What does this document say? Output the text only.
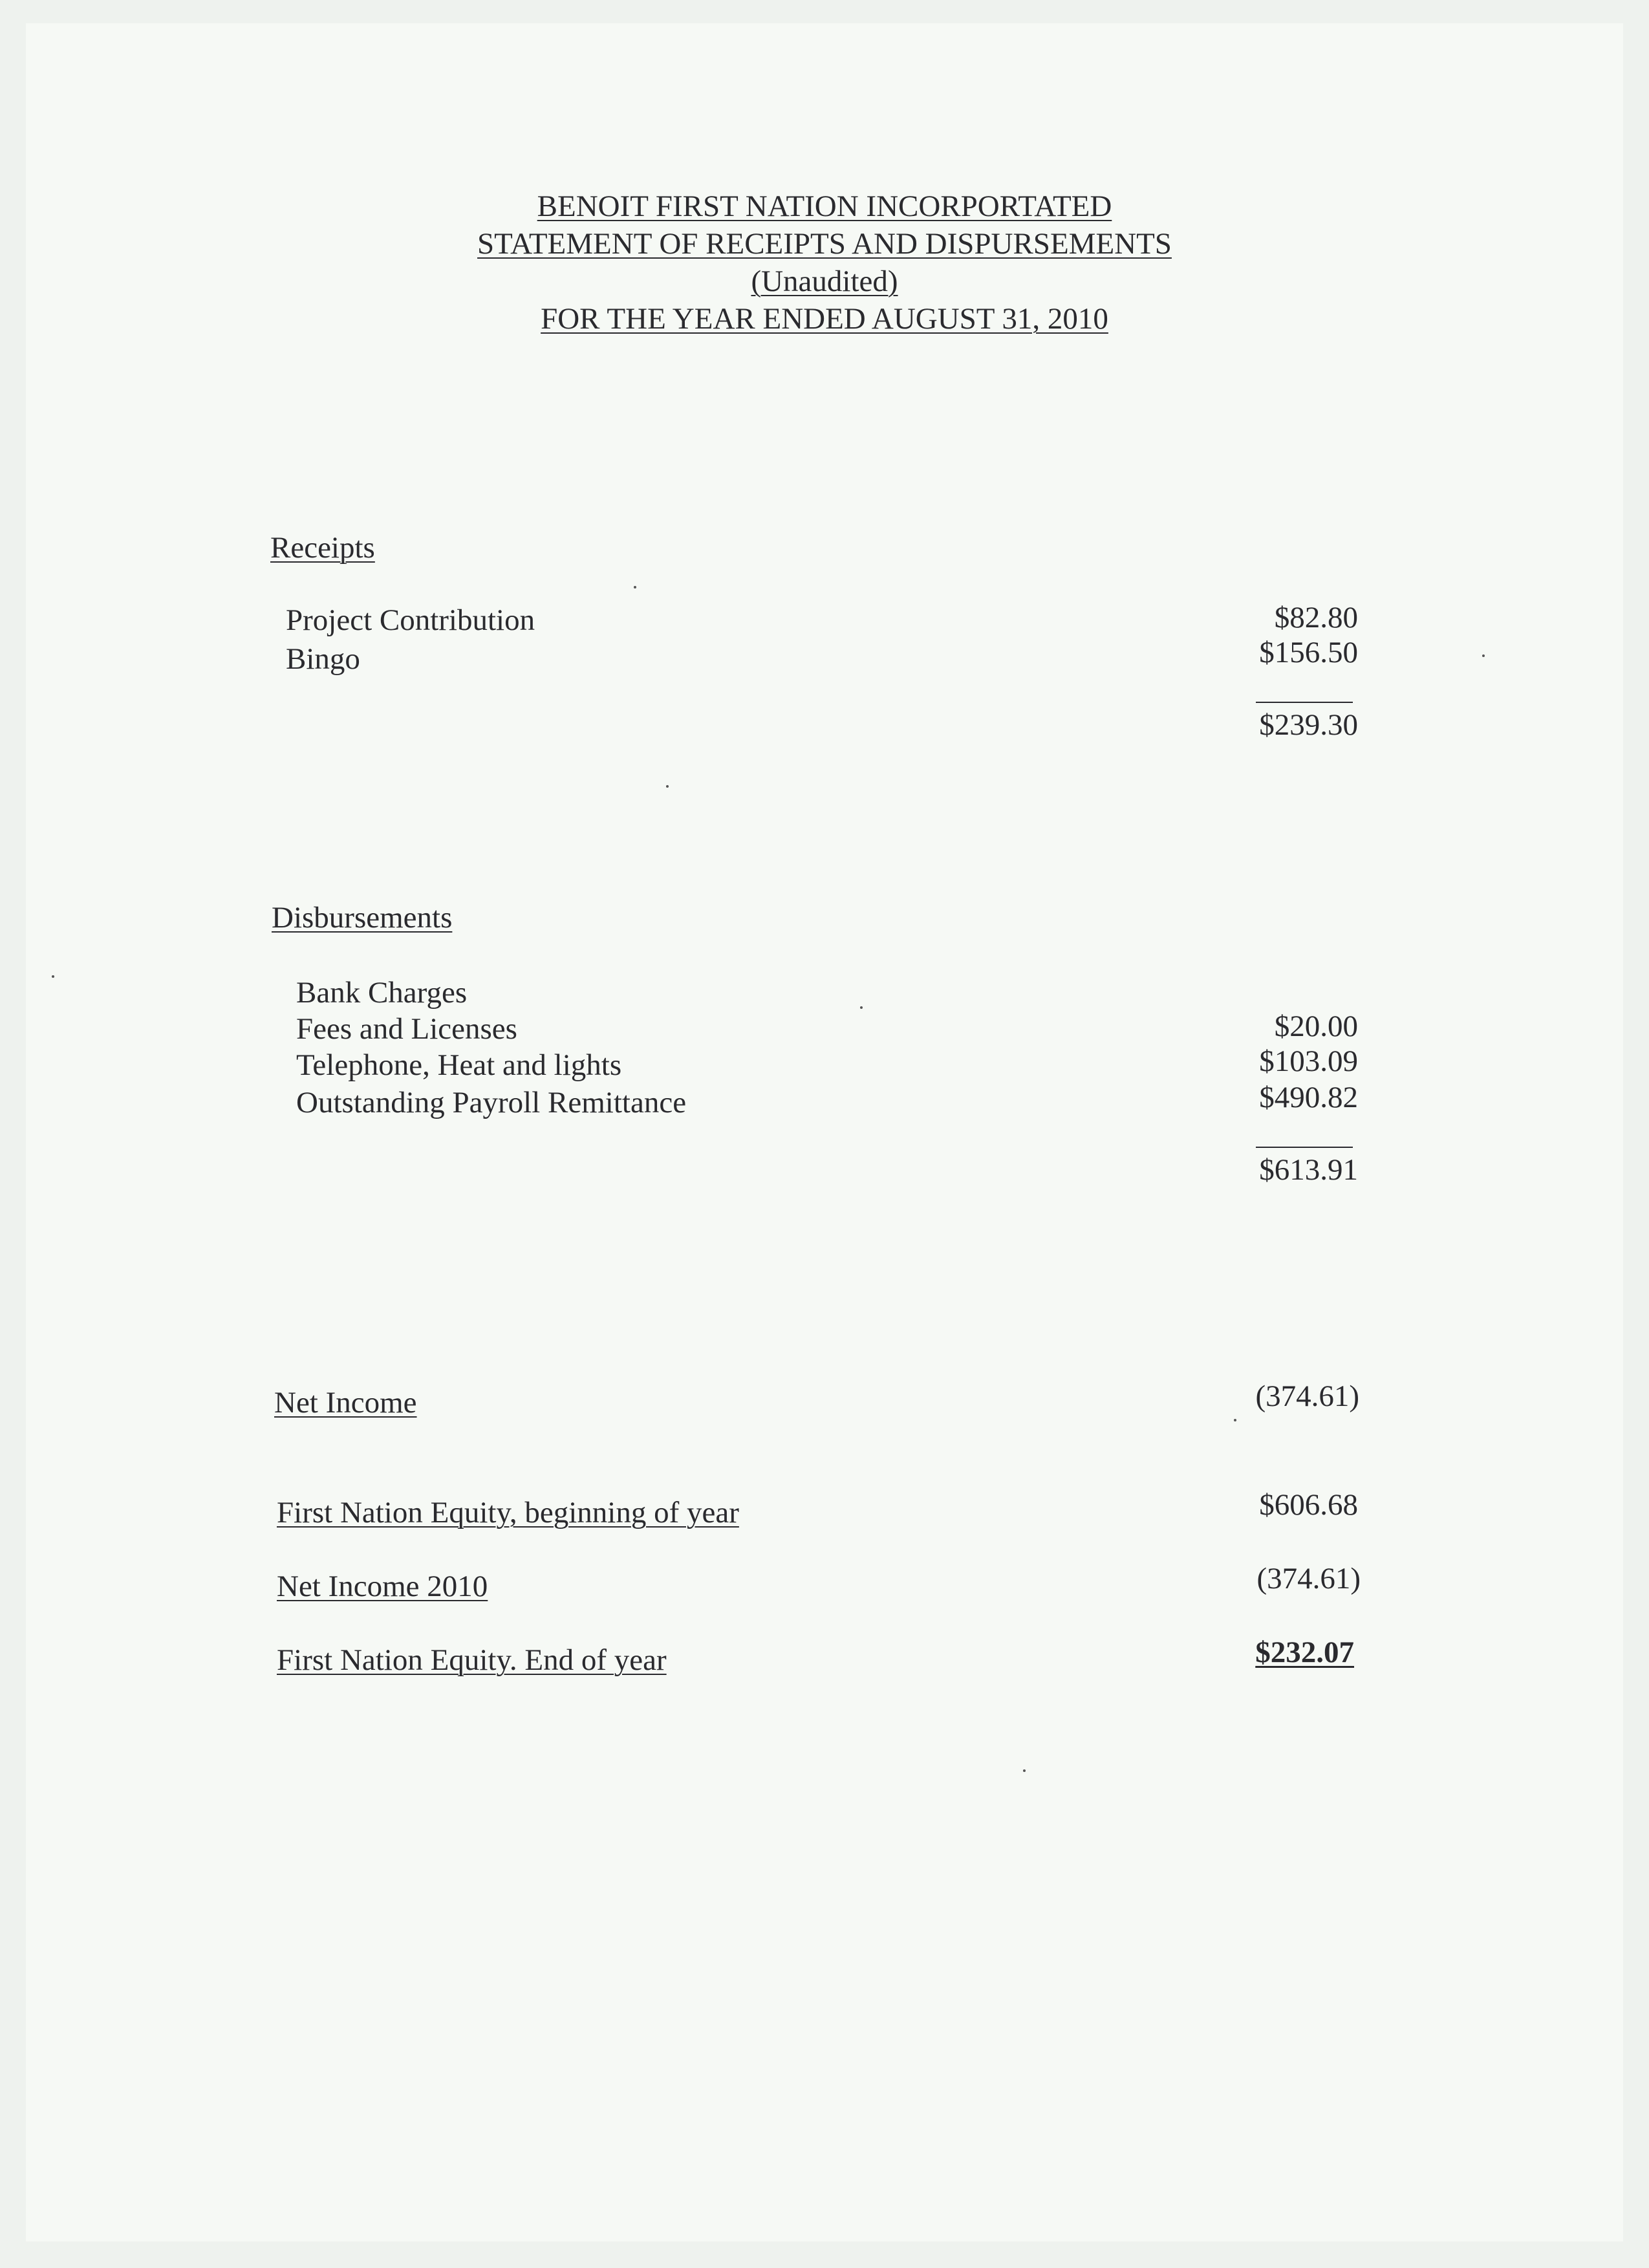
BENOIT FIRST NATION INCORPORTATED
STATEMENT OF RECEIPTS AND DISPURSEMENTS
(Unaudited)
FOR THE YEAR ENDED AUGUST 31, 2010
Receipts
Project Contribution	$82.80
Bingo	$156.50
$239.30
Disbursements
Bank Charges
Fees and Licenses	$20.00
Telephone, Heat and lights	$103.09
Outstanding Payroll Remittance	$490.82
$613.91
Net Income	(374.61)
First Nation Equity, beginning of year	$606.68
Net Income 2010	(374.61)
First Nation Equity. End of year	$232.07
